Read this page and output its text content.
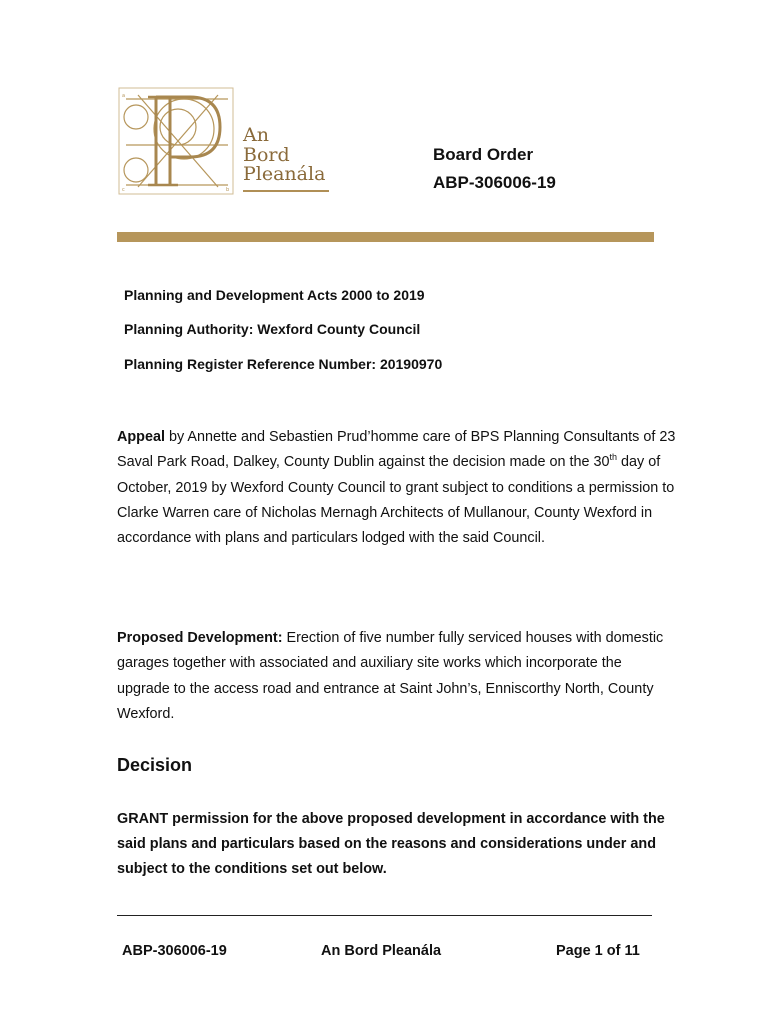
a
c	b
An
Bord
Pleanála
Board Order
ABP-306006-19
Planning and Development Acts 2000 to 2019
Planning Authority: Wexford County Council
Planning Register Reference Number: 20190970
Appeal by Annette and Sebastien Prud’homme care of BPS Planning Consultants of 23 Saval Park Road, Dalkey, County Dublin against the decision made on the 30th day of October, 2019 by Wexford County Council to grant subject to conditions a permission to Clarke Warren care of Nicholas Mernagh Architects of Mullanour, County Wexford in accordance with plans and particulars lodged with the said Council.
Proposed Development: Erection of five number fully serviced houses with domestic garages together with associated and auxiliary site works which incorporate the upgrade to the access road and entrance at Saint John’s, Enniscorthy North, County Wexford.
Decision
GRANT permission for the above proposed development in accordance with the said plans and particulars based on the reasons and considerations under and subject to the conditions set out below.
ABP-306006-19	An Bord Pleanála	Page 1 of 11
